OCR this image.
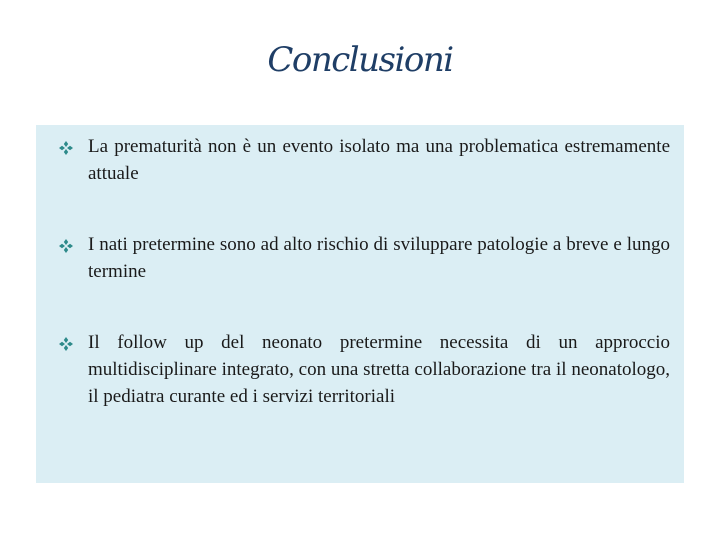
Conclusioni
La prematurità non è un evento isolato ma una problematica estremamente attuale
I nati pretermine sono ad alto rischio di sviluppare patologie a breve e lungo termine
Il follow up del neonato pretermine necessita di un approccio multidisciplinare integrato, con una stretta collaborazione tra il neonatologo, il pediatra curante ed i servizi territoriali
